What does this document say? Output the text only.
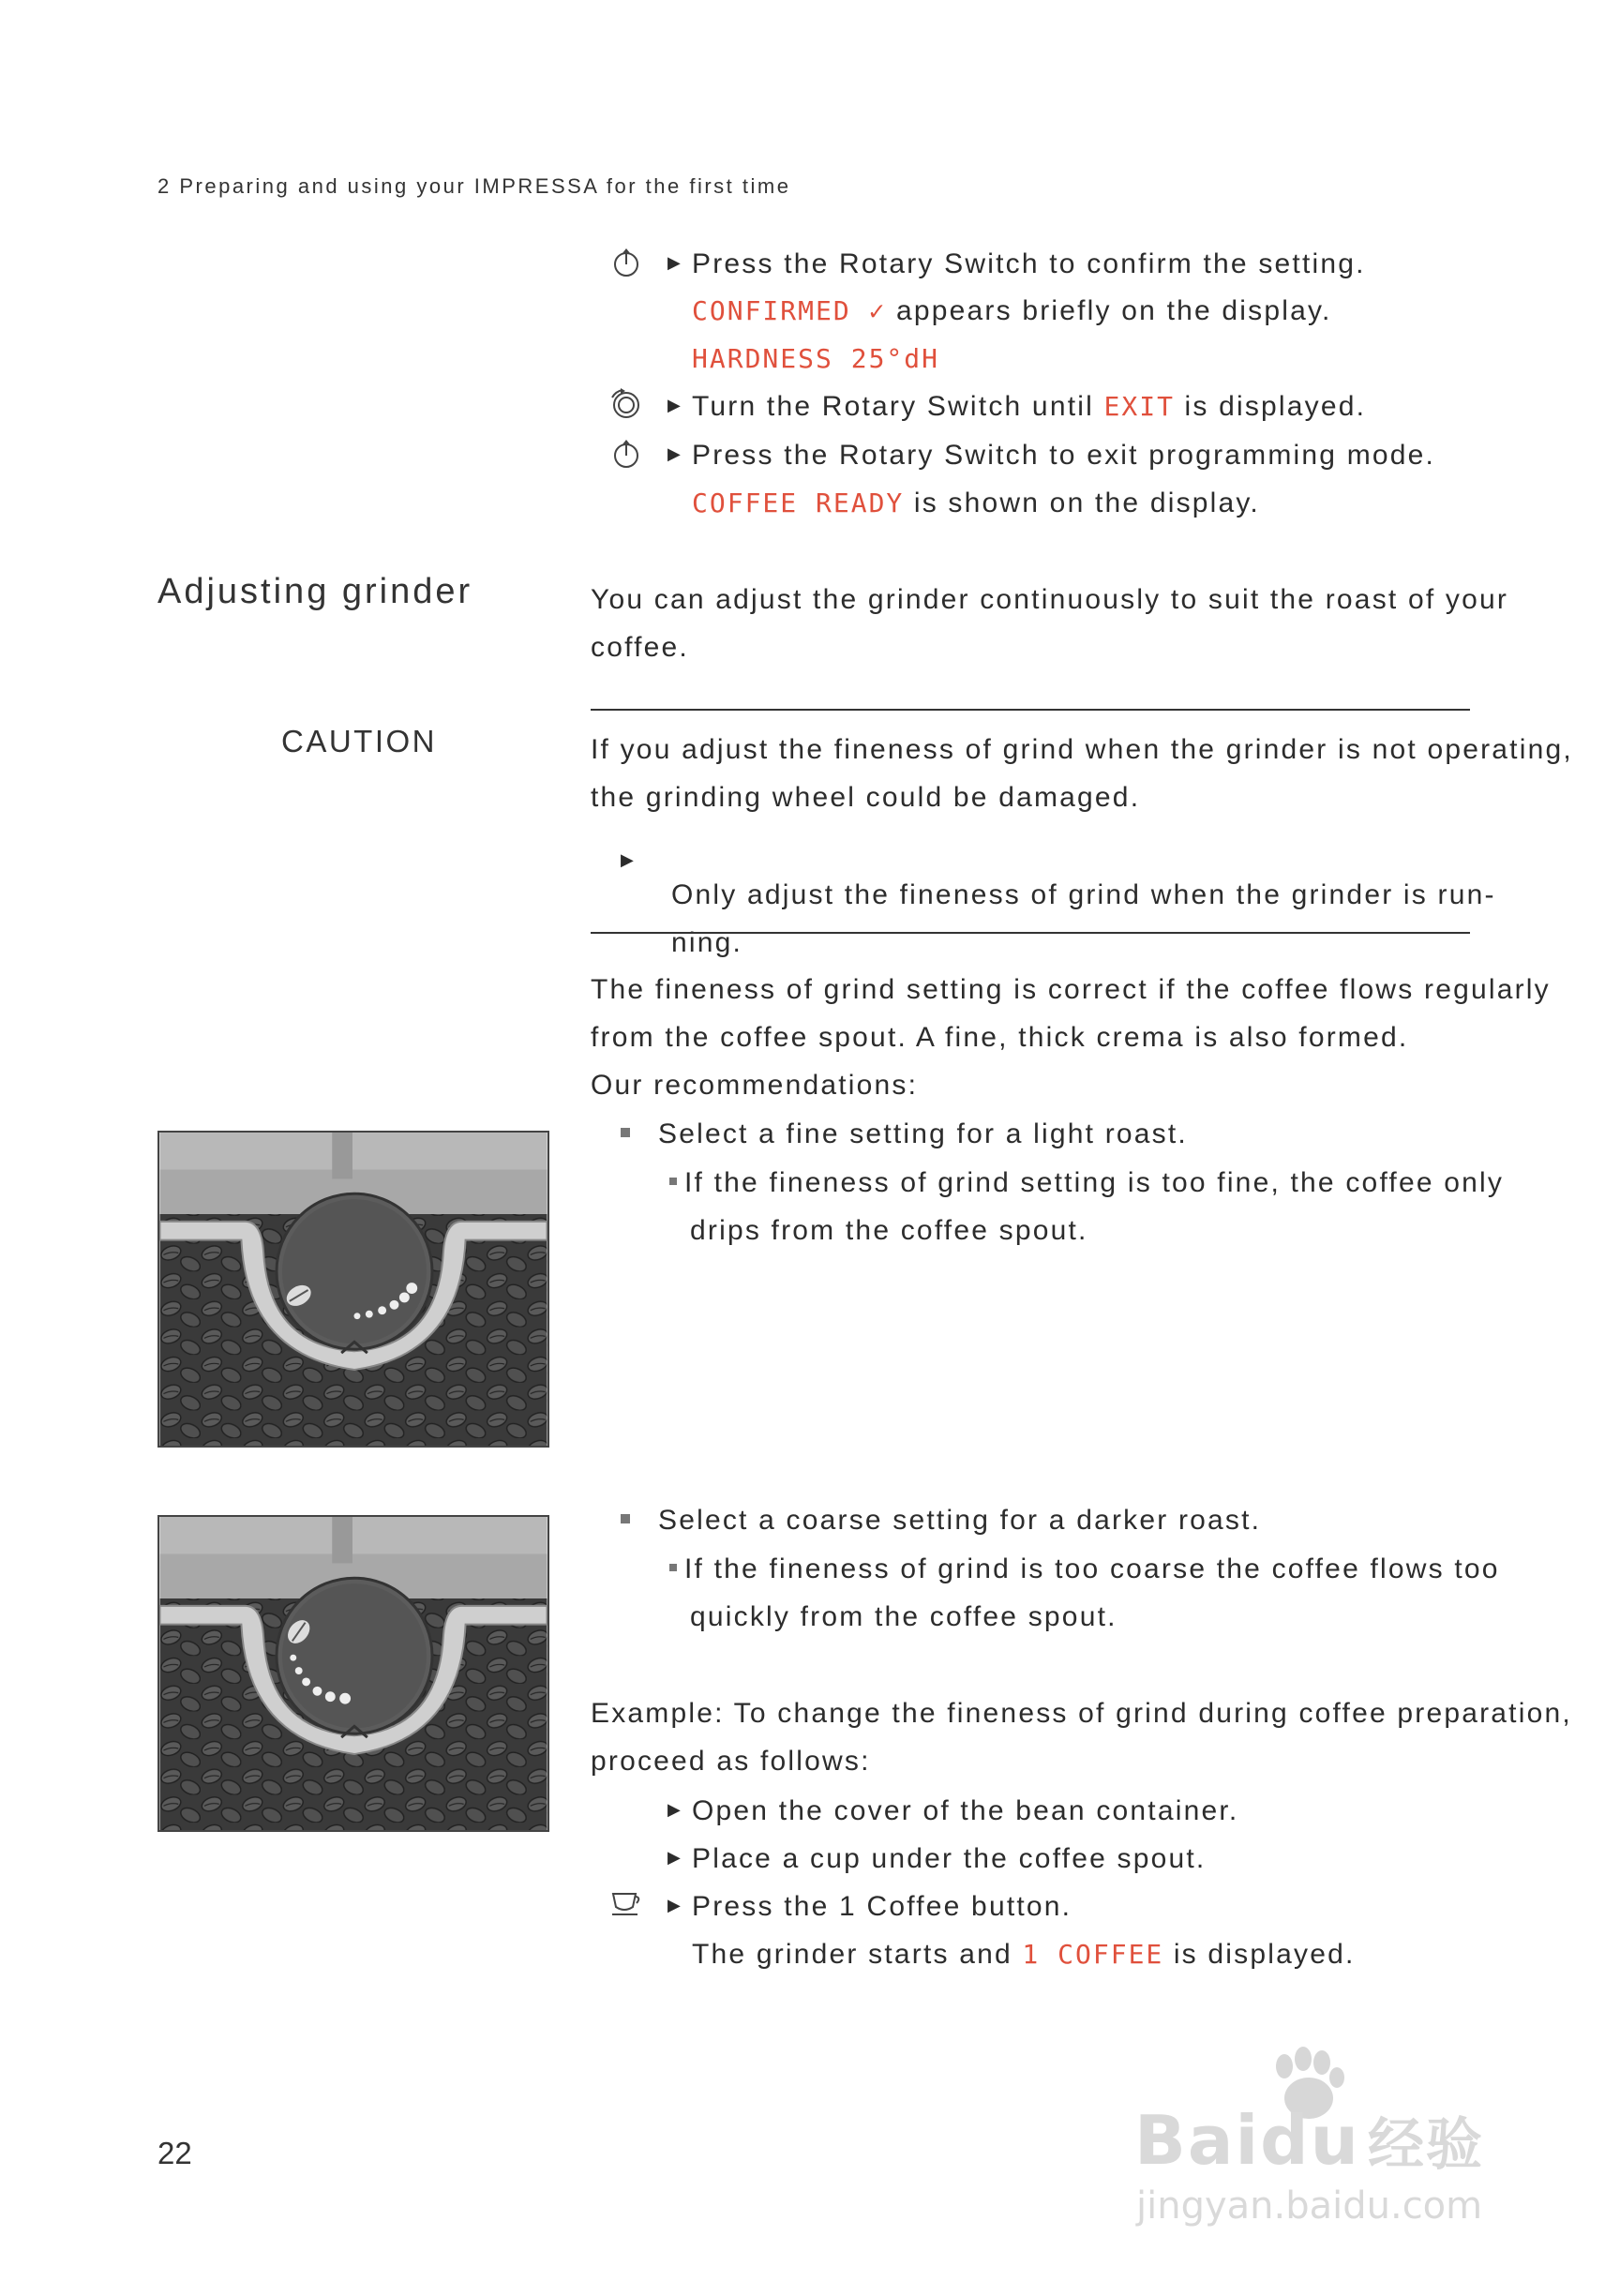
2 Preparing and using your IMPRESSA for the first time
▶ Press the Rotary Switch to confirm the setting.
CONFIRMED ✓ appears briefly on the display.
HARDNESS 25°dH
▶ Turn the Rotary Switch until EXIT is displayed.
▶ Press the Rotary Switch to exit programming mode.
COFFEE READY is shown on the display.
Adjusting grinder	You can adjust the grinder continuously to suit the roast of your
coffee.
CAUTION	If you adjust the fineness of grind when the grinder is not operating,
the grinding wheel could be damaged.
▶
Only adjust the fineness of grind when the grinder is run-
ning.
The fineness of grind setting is correct if the coffee flows regularly
from the coffee spout. A fine, thick crema is also formed.
Our recommendations:
Select a fine setting for a light roast.
If the fineness of grind setting is too fine, the coffee only
drips from the coffee spout.
Select a coarse setting for a darker roast.
If the fineness of grind is too coarse the coffee flows too
quickly from the coffee spout.
Example: To change the fineness of grind during coffee preparation,
proceed as follows:
▶ Open the cover of the bean container.
▶ Place a cup under the coffee spout.
▶ Press the 1 Coffee button.
The grinder starts and 1 COFFEE is displayed.
22	Baidu 经验
jingyan.baidu.com
